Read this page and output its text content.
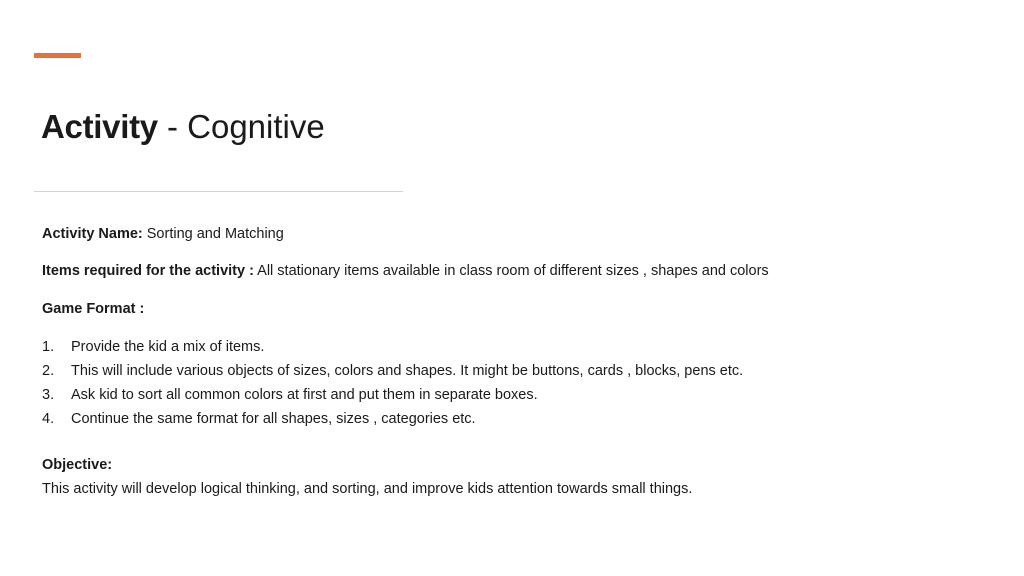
Activity - Cognitive

Activity Name: Sorting and Matching

Items required for the activity : All stationary items available in class room of different sizes , shapes and colors

Game Format :

1. Provide the kid a mix of items.
2. This will include various objects of sizes, colors and shapes. It might be buttons, cards , blocks, pens etc.
3. Ask kid to sort all common colors at first and put them in separate boxes.
4. Continue the same format for all shapes, sizes , categories etc.
Objective:

This activity will develop logical thinking, and sorting, and improve kids attention towards small things.
